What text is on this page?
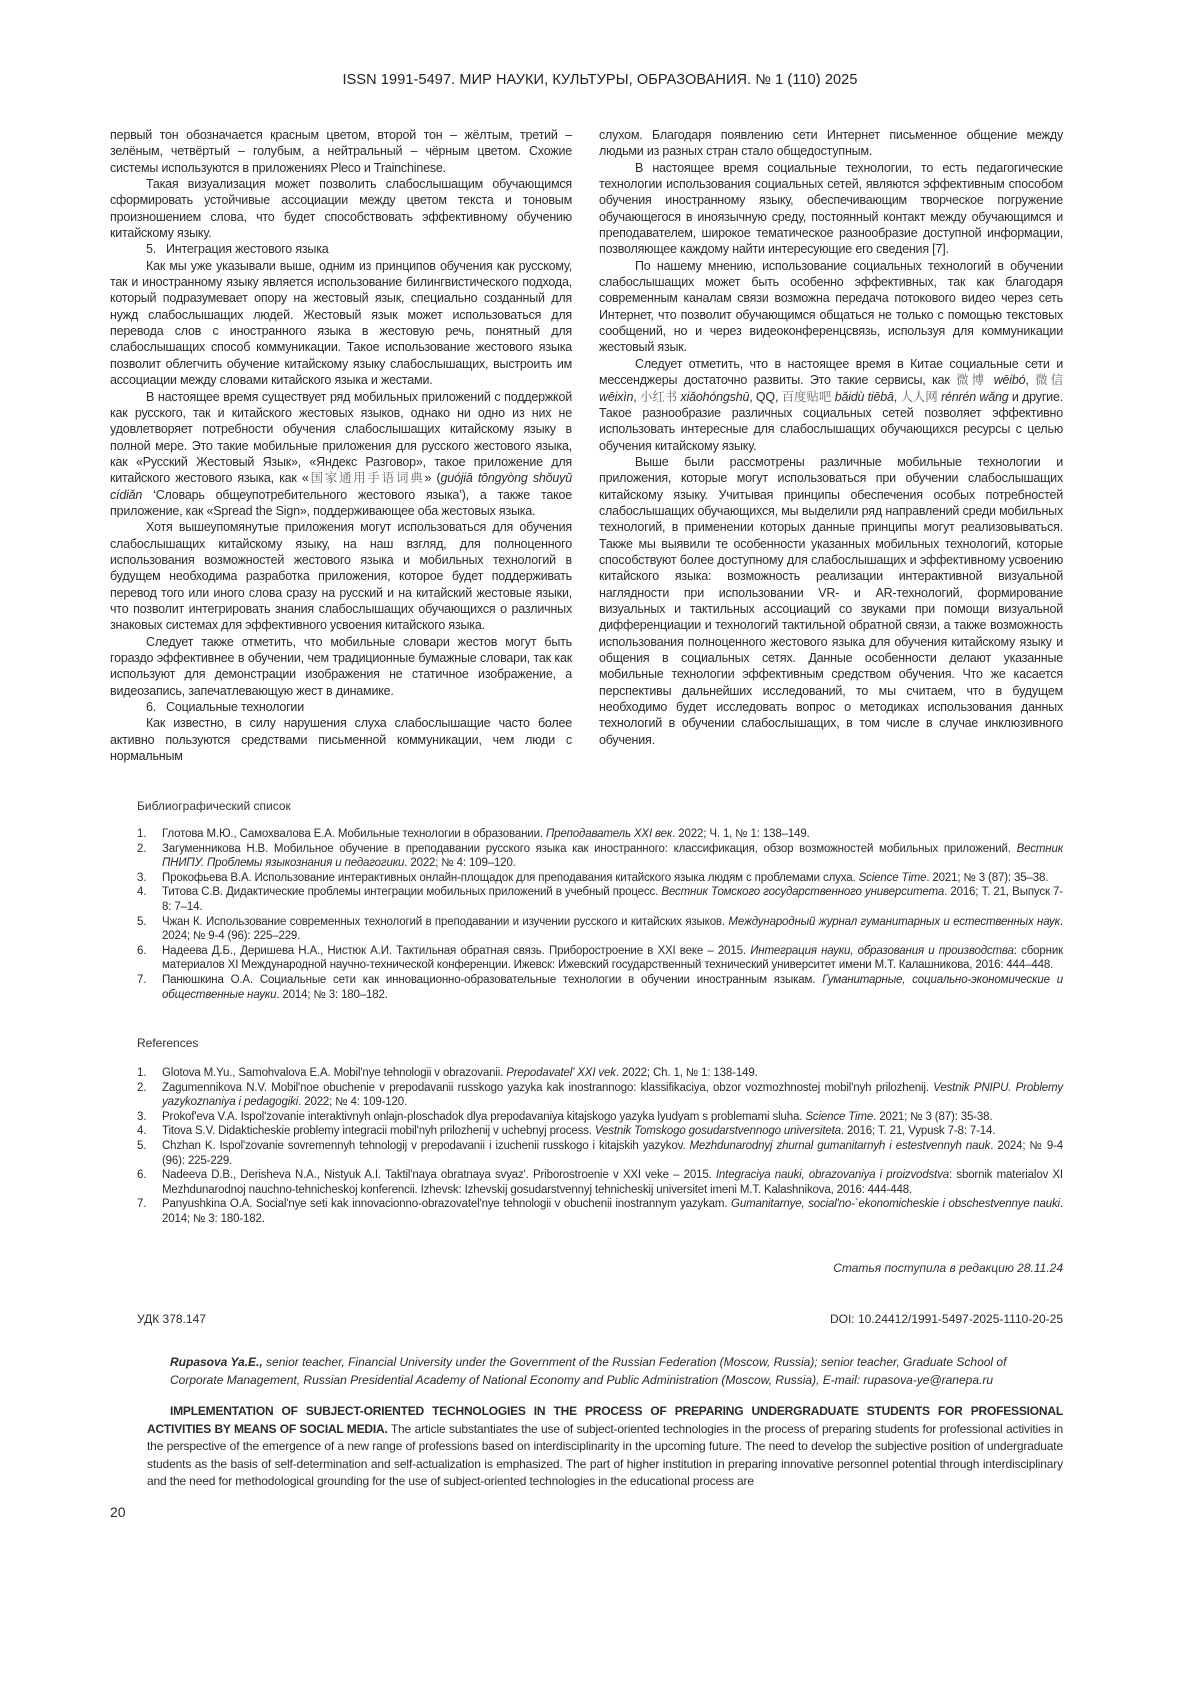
ISSN 1991-5497. МИР НАУКИ, КУЛЬТУРЫ, ОБРАЗОВАНИЯ. № 1 (110) 2025

первый тон обозначается красным цветом, второй тон – жёлтым, третий – зелёным, четвёртый – голубым, а нейтральный – чёрным цветом. Схожие системы используются в приложениях Pleco и Trainchinese.

Такая визуализация может позволить слабослышащим обучающимся сформировать устойчивые ассоциации между цветом текста и тоновым произношением слова, что будет способствовать эффективному обучению китайскому языку.

5. Интеграция жестового языка

Как мы уже указывали выше, одним из принципов обучения как русскому, так и иностранному языку является использование билингвистического подхода, который подразумевает опору на жестовый язык, специально созданный для нужд слабослышащих людей. Жестовый язык может использоваться для перевода слов с иностранного языка в жестовую речь, понятный для слабослышащих способ коммуникации. Такое использование жестового языка позволит облегчить обучение китайскому языку слабослышащих, выстроить им ассоциации между словами китайского языка и жестами.

В настоящее время существует ряд мобильных приложений с поддержкой как русского, так и китайского жестовых языков, однако ни одно из них не удовлетворяет потребности обучения слабослышащих китайскому языку в полной мере. Это такие мобильные приложения для русского жестового языка, как «Русский Жестовый Язык», «Яндекс Разговор», такое приложение для китайского жестового языка, как «国家通用手语词典» (guójiā tōngyòng shǒuyǔ cídiǎn ‘Словарь общеупотребительного жестового языка’), а также такое приложение, как «Spread the Sign», поддерживающее оба жестовых языка.

Хотя вышеупомянутые приложения могут использоваться для обучения слабослышащих китайскому языку, на наш взгляд, для полноценного использования возможностей жестового языка и мобильных технологий в будущем необходима разработка приложения, которое будет поддерживать перевод того или иного слова сразу на русский и на китайский жестовые языки, что позволит интегрировать знания слабослышащих обучающихся о различных знаковых системах для эффективного усвоения китайского языка.

Следует также отметить, что мобильные словари жестов могут быть гораздо эффективнее в обучении, чем традиционные бумажные словари, так как используют для демонстрации изображения не статичное изображение, а видеозапись, запечатлевающую жест в динамике.

6. Социальные технологии

Как известно, в силу нарушения слуха слабослышащие часто более активно пользуются средствами письменной коммуникации, чем люди с нормальным

слухом. Благодаря появлению сети Интернет письменное общение между людьми из разных стран стало общедоступным.

В настоящее время социальные технологии, то есть педагогические технологии использования социальных сетей, являются эффективным способом обучения иностранному языку, обеспечивающим творческое погружение обучающегося в иноязычную среду, постоянный контакт между обучающимся и преподавателем, широкое тематическое разнообразие доступной информации, позволяющее каждому найти интересующие его сведения [7].

По нашему мнению, использование социальных технологий в обучении слабослышащих может быть особенно эффективных, так как благодаря современным каналам связи возможна передача потокового видео через сеть Интернет, что позволит обучающимся общаться не только с помощью текстовых сообщений, но и через видеоконференцсвязь, используя для коммуникации жестовый язык.

Следует отметить, что в настоящее время в Китае социальные сети и мессенджеры достаточно развиты. Это такие сервисы, как 微博 wēibó, 微信 wēixìn, 小红书 xiǎohóngshū, QQ, 百度贴吧 bǎidù tiēbā, 人人网 rénrén wǎng и другие. Такое разнообразие различных социальных сетей позволяет эффективно использовать интересные для слабослышащих обучающихся ресурсы с целью обучения китайскому языку.

Выше были рассмотрены различные мобильные технологии и приложения, которые могут использоваться при обучении слабослышащих китайскому языку. Учитывая принципы обеспечения особых потребностей слабослышащих обучающихся, мы выделили ряд направлений среди мобильных технологий, в применении которых данные принципы могут реализовываться. Также мы выявили те особенности указанных мобильных технологий, которые способствуют более доступному для слабослышащих и эффективному усвоению китайского языка: возможность реализации интерактивной визуальной наглядности при использовании VR- и AR-технологий, формирование визуальных и тактильных ассоциаций со звуками при помощи визуальной дифференциации и технологий тактильной обратной связи, а также возможность использования полноценного жестового языка для обучения китайскому языку и общения в социальных сетях. Данные особенности делают указанные мобильные технологии эффективным средством обучения. Что же касается перспективы дальнейших исследований, то мы считаем, что в будущем необходимо будет исследовать вопрос о методиках использования данных технологий в обучении слабослышащих, в том числе в случае инклюзивного обучения.

Библиографический список
1. Глотова М.Ю., Самохвалова Е.А. Мобильные технологии в образовании. Преподаватель XXI век. 2022; Ч. 1, № 1: 138–149.
2. Загуменникова Н.В. Мобильное обучение в преподавании русского языка как иностранного: классификация, обзор возможностей мобильных приложений. Вестник ПНИПУ. Проблемы языкознания и педагогики. 2022; № 4: 109–120.
3. Прокофьева В.А. Использование интерактивных онлайн-площадок для преподавания китайского языка людям с проблемами слуха. Science Time. 2021; № 3 (87): 35–38.
4. Титова С.В. Дидактические проблемы интеграции мобильных приложений в учебный процесс. Вестник Томского государственного университета. 2016; Т. 21, Выпуск 7-8: 7–14.
5. Чжан К. Использование современных технологий в преподавании и изучении русского и китайских языков. Международный журнал гуманитарных и естественных наук. 2024; № 9-4 (96): 225–229.
6. Надеева Д.Б., Деришева Н.А., Нистюк А.И. Тактильная обратная связь. Приборостроение в XXI веке – 2015. Интеграция науки, образования и производства: сборник материалов XI Международной научно-технической конференции. Ижевск: Ижевский государственный технический университет имени М.Т. Калашникова, 2016: 444–448.
7. Панюшкина О.А. Социальные сети как инновационно-образовательные технологии в обучении иностранным языкам. Гуманитарные, социально-экономические и общественные науки. 2014; № 3: 180–182.
References
1. Glotova M.Yu., Samohvalova E.A. Mobil'nye tehnologii v obrazovanii. Prepodavatel' XXI vek. 2022; Ch. 1, № 1: 138-149.
2. Zagumennikova N.V. Mobil'noe obuchenie v prepodavanii russkogo yazyka kak inostrannogo: klassifikaciya, obzor vozmozhnostej mobil'nyh prilozhenij. Vestnik PNIPU. Problemy yazykoznaniya i pedagogiki. 2022; № 4: 109-120.
3. Prokof'eva V.A. Ispol'zovanie interaktivnyh onlajn-ploschadok dlya prepodavaniya kitajskogo yazyka lyudyam s problemami sluha. Science Time. 2021; № 3 (87): 35-38.
4. Titova S.V. Didakticheskie problemy integracii mobil'nyh prilozhenij v uchebnyj process. Vestnik Tomskogo gosudarstvennogo universiteta. 2016; T. 21, Vypusk 7-8: 7-14.
5. Chzhan K. Ispol'zovanie sovremennyh tehnologij v prepodavanii i izuchenii russkogo i kitajskih yazykov. Mezhdunarodnyj zhurnal gumanitarnyh i estestvennyh nauk. 2024; № 9-4 (96): 225-229.
6. Nadeeva D.B., Derisheva N.A., Nistyuk A.I. Taktil'naya obratnaya svyaz'. Priborostroenie v XXI veke – 2015. Integraciya nauki, obrazovaniya i proizvodstva: sbornik materialov XI Mezhdunarodnoj nauchno-tehnicheskoj konferencii. Izhevsk: Izhevskij gosudarstvennyj tehnicheskij universitet imeni M.T. Kalashnikova, 2016: 444-448.
7. Panyushkina O.A. Social'nye seti kak innovacionno-obrazovatel'nye tehnologii v obuchenii inostrannym yazykam. Gumanitarnye, social'no-`ekonomicheskie i obschestvennye nauki. 2014; № 3: 180-182.
Статья поступила в редакцию 28.11.24
УДК 378.147	DOI: 10.24412/1991-5497-2025-1110-20-25
Rupasova Ya.E., senior teacher, Financial University under the Government of the Russian Federation (Moscow, Russia); senior teacher, Graduate School of Corporate Management, Russian Presidential Academy of National Economy and Public Administration (Moscow, Russia), E-mail: rupasova-ye@ranepa.ru

IMPLEMENTATION OF SUBJECT-ORIENTED TECHNOLOGIES IN THE PROCESS OF PREPARING UNDERGRADUATE STUDENTS FOR PROFESSIONAL ACTIVITIES BY MEANS OF SOCIAL MEDIA. The article substantiates the use of subject-oriented technologies in the process of preparing students for professional activities in the perspective of the emergence of a new range of professions based on interdisciplinarity in the upcoming future. The need to develop the subjective position of undergraduate students as the basis of self-determination and self-actualization is emphasized. The part of higher institution in preparing innovative personnel potential through interdisciplinary and the need for methodological grounding for the use of subject-oriented technologies in the educational process are

20
